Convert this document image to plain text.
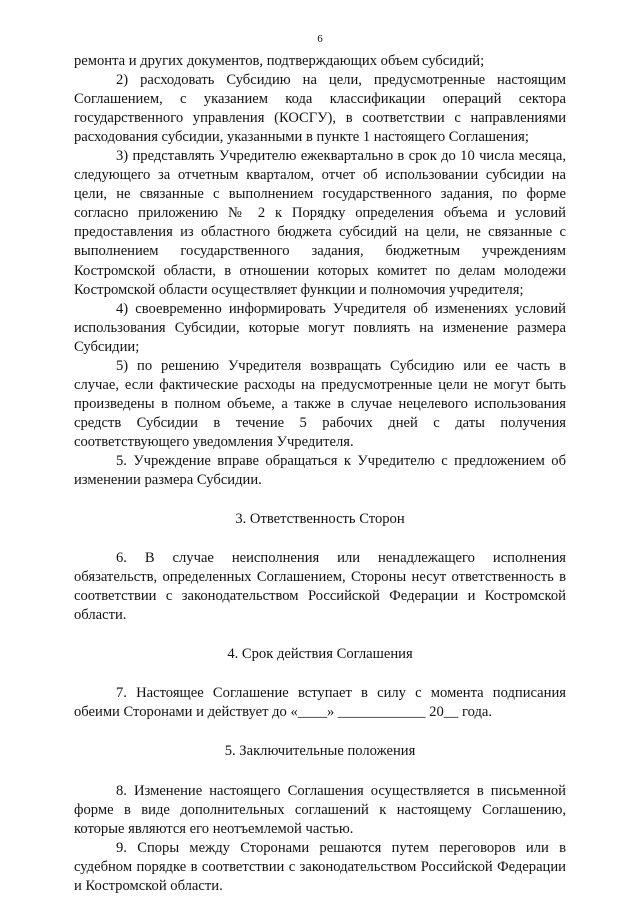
6

ремонта и других документов, подтверждающих объем субсидий;

2) расходовать Субсидию на цели, предусмотренные настоящим Соглашением, с указанием кода классификации операций сектора государственного управления (КОСГУ), в соответствии с направлениями расходования субсидии, указанными в пункте 1 настоящего Соглашения;

3) представлять Учредителю ежеквартально в срок до 10 числа месяца, следующего за отчетным кварталом, отчет об использовании субсидии на цели, не связанные с выполнением государственного задания, по форме согласно приложению № 2 к Порядку определения объема и условий предоставления из областного бюджета субсидий на цели, не связанные с выполнением государственного задания, бюджетным учреждениям Костромской области, в отношении которых комитет по делам молодежи Костромской области осуществляет функции и полномочия учредителя;

4) своевременно информировать Учредителя об изменениях условий использования Субсидии, которые могут повлиять на изменение размера Субсидии;

5) по решению Учредителя возвращать Субсидию или ее часть в случае, если фактические расходы на предусмотренные цели не могут быть произведены в полном объеме, а также в случае нецелевого использования средств Субсидии в течение 5 рабочих дней с даты получения соответствующего уведомления Учредителя.

5. Учреждение вправе обращаться к Учредителю с предложением об изменении размера Субсидии.

3. Ответственность Сторон

6. В случае неисполнения или ненадлежащего исполнения обязательств, определенных Соглашением, Стороны несут ответственность в соответствии с законодательством Российской Федерации и Костромской области.

4. Срок действия Соглашения

7. Настоящее Соглашение вступает в силу с момента подписания обеими Сторонами и действует до «____» ____________ 20__ года.

5. Заключительные положения

8. Изменение настоящего Соглашения осуществляется в письменной форме в виде дополнительных соглашений к настоящему Соглашению, которые являются его неотъемлемой частью.

9. Споры между Сторонами решаются путем переговоров или в судебном порядке в соответствии с законодательством Российской Федерации и Костромской области.
